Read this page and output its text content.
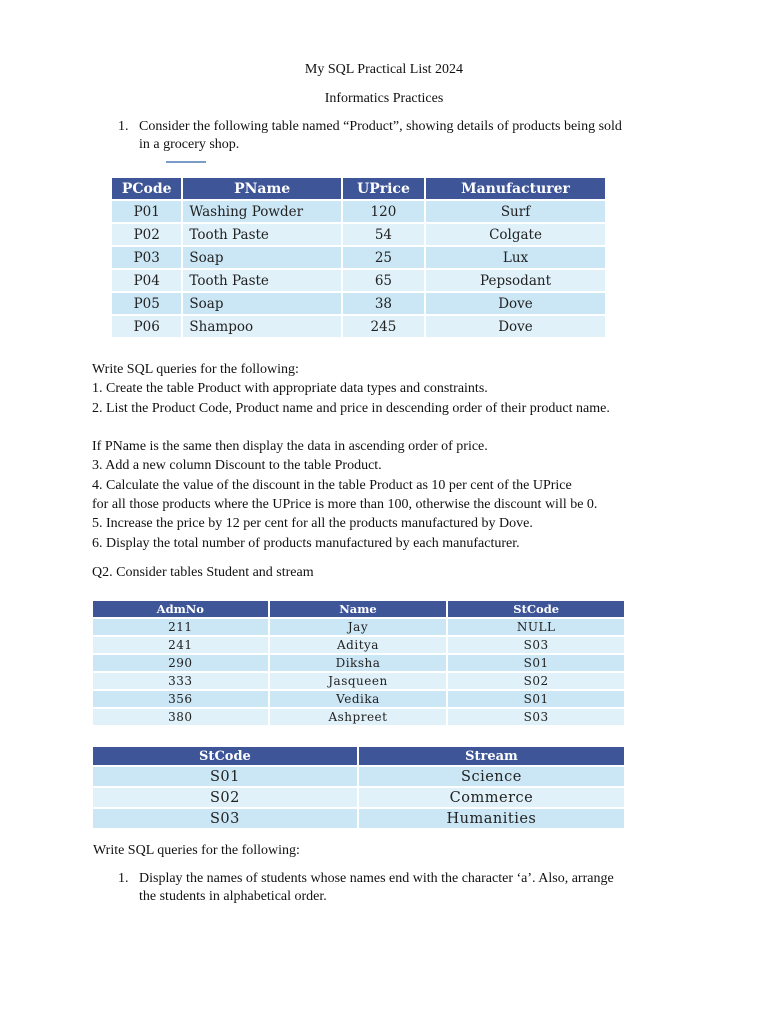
My SQL Practical List 2024
Informatics Practices
1. Consider the following table named “Product”, showing details of products being sold
in a grocery shop.
PCode	PName	UPrice	Manufacturer
P01	Washing Powder	120	Surf
P02	Tooth Paste	54	Colgate
P03	Soap	25	Lux
P04	Tooth Paste	65	Pepsodant
P05	Soap	38	Dove
P06	Shampoo	245	Dove
Write SQL queries for the following:
1. Create the table Product with appropriate data types and constraints.
2. List the Product Code, Product name and price in descending order of their product name.
If PName is the same then display the data in ascending order of price.
3. Add a new column Discount to the table Product.
4. Calculate the value of the discount in the table Product as 10 per cent of the UPrice
for all those products where the UPrice is more than 100, otherwise the discount will be 0.
5. Increase the price by 12 per cent for all the products manufactured by Dove.
6. Display the total number of products manufactured by each manufacturer.
Q2. Consider tables Student and stream
AdmNo	Name	StCode
211	Jay	NULL
241	Aditya	S03
290	Diksha	S01
333	Jasqueen	S02
356	Vedika	S01
380	Ashpreet	S03
StCode	Stream
S01	Science
S02	Commerce
S03	Humanities
Write SQL queries for the following:
1. Display the names of students whose names end with the character ‘a’. Also, arrange
the students in alphabetical order.
